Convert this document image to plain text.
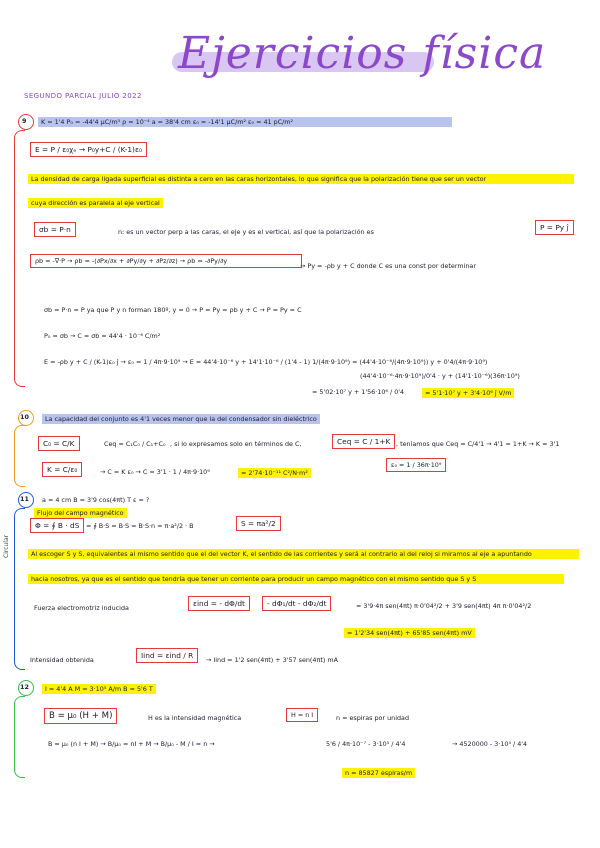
Ejercicios física
SEGUNDO PARCIAL JULIO 2022
9	K = 1'4 P₀ = -44'4 μC/m³ ρ = 10⁻⁴ a = 38'4 cm ε₀ = -14'1 μC/m² ε₀ = 41 pC/m²
E = P / ε₀χₑ → P₀y+C / (K-1)ε₀
La densidad de carga ligada superficial es distinta a cero en las caras horizontales, lo que significa que la polarización tiene que ser un vector
cuya dirección es paralela al eje vertical
σb = P·n	n: es un vector perp a las caras, el eje y es el vertical, así que la polarización es	P = Py ĵ
ρb = -∇·P → ρb = -(∂Px/∂x + ∂Py/∂y + ∂Pz/∂z) → ρb = -∂Py/∂y
→ Py = -ρb y + C donde C es una const por determinar
σb = P·n = P ya que P y n forman 180º, y = 0 → P = Py = ρb y + C → P = Py = C
P₀ = σb → C = σb = 44'4 · 10⁻⁶ C/m²
E = -ρb y + C / (K-1)ε₀ ĵ → ε₀ = 1 / 4π·9·10⁹ → E = 44'4·10⁻⁶ y + 14'1·10⁻⁶ / (1'4 - 1) 1/(4π·9·10⁹) = (44'4·10⁻⁶/(4π·9·10⁹)) y + 0'4/(4π·9·10⁹)
(44'4·10⁻⁶·4π·9·10⁹)/0'4 · y + (14'1·10⁻⁶)(36π·10⁹)
= 5'02·10⁷ y + 1'56·10⁶ / 0'4	= 5'1·10⁷ y + 3'4·10⁶ ĵ V/m
10	La capacidad del conjunto es 4'1 veces menor que la del condensador sin dieléctrico
C₀ = C/K	Ceq = C₁C₀ / C₁+C₀ , si lo expresamos solo en términos de C,	Ceq = C / 1+K , teníamos que Ceq = C/4'1 → 4'1 = 1+K → K = 3'1
K = C/ε₀	→ C = K ε₀ → C = 3'1 · 1 / 4π·9·10⁹	= 2'74·10⁻¹¹ C²/N·m²
ε₀ = 1 / 36π·10⁹
11
Circular
a = 4 cm B = 3'9 cos(4πt) T ε = ?
Flujo del campo magnético
Φ = ∮ B · dS	= ∮ B·S = B·S = B·S·n = π·a²/2 · B	S = πa²/2
Al escoger S y S, equivalentes al mismo sentido que el del vector K, el sentido de las corrientes y será al contrario al del reloj si miramos al eje a apuntando
hacia nosotros, ya que es el sentido que tendría que tener un corriente para producir un campo magnético con el mismo sentido que S y S
Fuerza electromotriz inducida	εind = - dΦ/dt	- dΦ₁/dt - dΦ₂/dt	= 3'9·4π sen(4πt) π·0'04²/2 + 3'9 sen(4πt) 4π π·0'04²/2
= 1'2'34 sen(4πt) + 65'85 sen(4πt) mV
Intensidad obtenida	Iind = εind / R	→ Iind = 1'2 sen(4πt) + 3'57 sen(4πt) mA
12	I = 4'4 A M = 3·10⁵ A/m B = 5'6 T
B = μ₀ (H + M)	H es la intensidad magnética	H = n I	n = espiras por unidad
B = μ₀ (n I + M) → B/μ₀ = nI + M → B/μ₀ - M / I = n →	5'6 / 4π·10⁻⁷ - 3·10⁵ / 4'4	→ 4520000 - 3·10⁵ / 4'4
n = 85827 espiras/m
